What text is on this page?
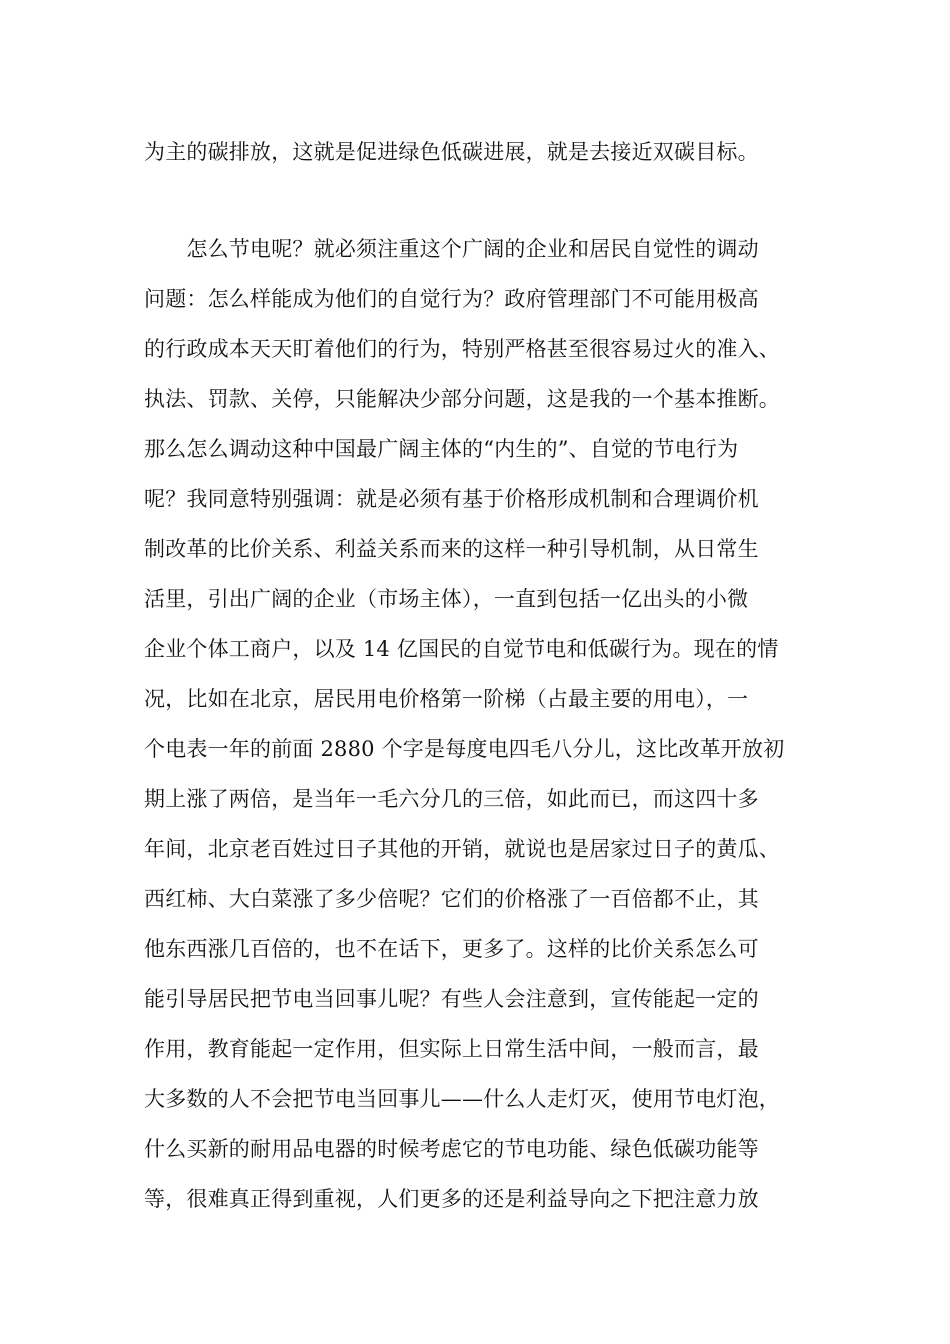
为主的碳排放，这就是促进绿色低碳进展，就是去接近双碳目标。
　　怎么节电呢？就必须注重这个广阔的企业和居民自觉性的调动
问题：怎么样能成为他们的自觉行为？政府管理部门不可能用极高
的行政成本天天盯着他们的行为，特别严格甚至很容易过火的准入、
执法、罚款、关停，只能解决少部分问题，这是我的一个基本推断。
那么怎么调动这种中国最广阔主体的“内生的”、自觉的节电行为
呢？我同意特别强调：就是必须有基于价格形成机制和合理调价机
制改革的比价关系、利益关系而来的这样一种引导机制，从日常生
活里，引出广阔的企业（市场主体），一直到包括一亿出头的小微
企业个体工商户，以及 14 亿国民的自觉节电和低碳行为。现在的情
况，比如在北京，居民用电价格第一阶梯（占最主要的用电），一
个电表一年的前面 2880 个字是每度电四毛八分儿，这比改革开放初
期上涨了两倍，是当年一毛六分几的三倍，如此而已，而这四十多
年间，北京老百姓过日子其他的开销，就说也是居家过日子的黄瓜、
西红柿、大白菜涨了多少倍呢？它们的价格涨了一百倍都不止，其
他东西涨几百倍的，也不在话下，更多了。这样的比价关系怎么可
能引导居民把节电当回事儿呢？有些人会注意到，宣传能起一定的
作用，教育能起一定作用，但实际上日常生活中间，一般而言，最
大多数的人不会把节电当回事儿——什么人走灯灭，使用节电灯泡，
什么买新的耐用品电器的时候考虑它的节电功能、绿色低碳功能等
等，很难真正得到重视，人们更多的还是利益导向之下把注意力放
